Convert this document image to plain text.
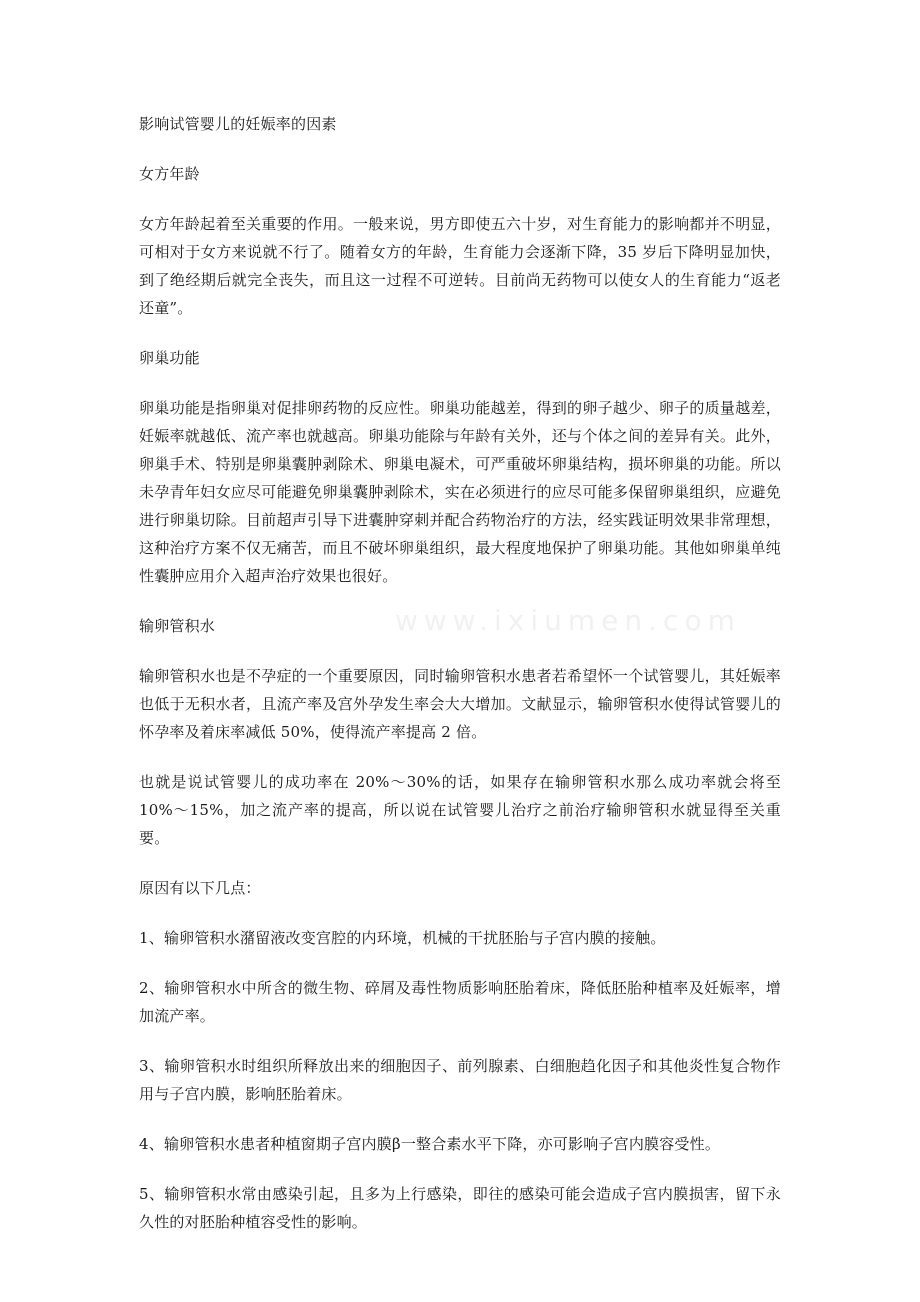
www.ixiumen.com

影响试管婴儿的妊娠率的因素

女方年龄

女方年龄起着至关重要的作用。一般来说，男方即使五六十岁，对生育能力的影响都并不明显，可相对于女方来说就不行了。随着女方的年龄，生育能力会逐渐下降，35 岁后下降明显加快，到了绝经期后就完全丧失，而且这一过程不可逆转。目前尚无药物可以使女人的生育能力“返老还童”。

卵巢功能

卵巢功能是指卵巢对促排卵药物的反应性。卵巢功能越差，得到的卵子越少、卵子的质量越差，妊娠率就越低、流产率也就越高。卵巢功能除与年龄有关外，还与个体之间的差异有关。此外，卵巢手术、特别是卵巢囊肿剥除术、卵巢电凝术，可严重破坏卵巢结构，损坏卵巢的功能。所以未孕青年妇女应尽可能避免卵巢囊肿剥除术，实在必须进行的应尽可能多保留卵巢组织，应避免进行卵巢切除。目前超声引导下进囊肿穿刺并配合药物治疗的方法，经实践证明效果非常理想，这种治疗方案不仅无痛苦，而且不破坏卵巢组织，最大程度地保护了卵巢功能。其他如卵巢单纯性囊肿应用介入超声治疗效果也很好。

输卵管积水

输卵管积水也是不孕症的一个重要原因，同时输卵管积水患者若希望怀一个试管婴儿，其妊娠率也低于无积水者，且流产率及宫外孕发生率会大大增加。文献显示，输卵管积水使得试管婴儿的怀孕率及着床率减低 50%，使得流产率提高 2 倍。

也就是说试管婴儿的成功率在 20%～30%的话，如果存在输卵管积水那么成功率就会将至 10%～15%，加之流产率的提高，所以说在试管婴儿治疗之前治疗输卵管积水就显得至关重要。

原因有以下几点：

1、输卵管积水潴留液改变宫腔的内环境，机械的干扰胚胎与子宫内膜的接触。

2、输卵管积水中所含的微生物、碎屑及毒性物质影响胚胎着床，降低胚胎种植率及妊娠率，增加流产率。

3、输卵管积水时组织所释放出来的细胞因子、前列腺素、白细胞趋化因子和其他炎性复合物作用与子宫内膜，影响胚胎着床。

4、输卵管积水患者种植窗期子宫内膜β一整合素水平下降，亦可影响子宫内膜容受性。

5、输卵管积水常由感染引起，且多为上行感染，即往的感染可能会造成子宫内膜损害，留下永久性的对胚胎种植容受性的影响。
